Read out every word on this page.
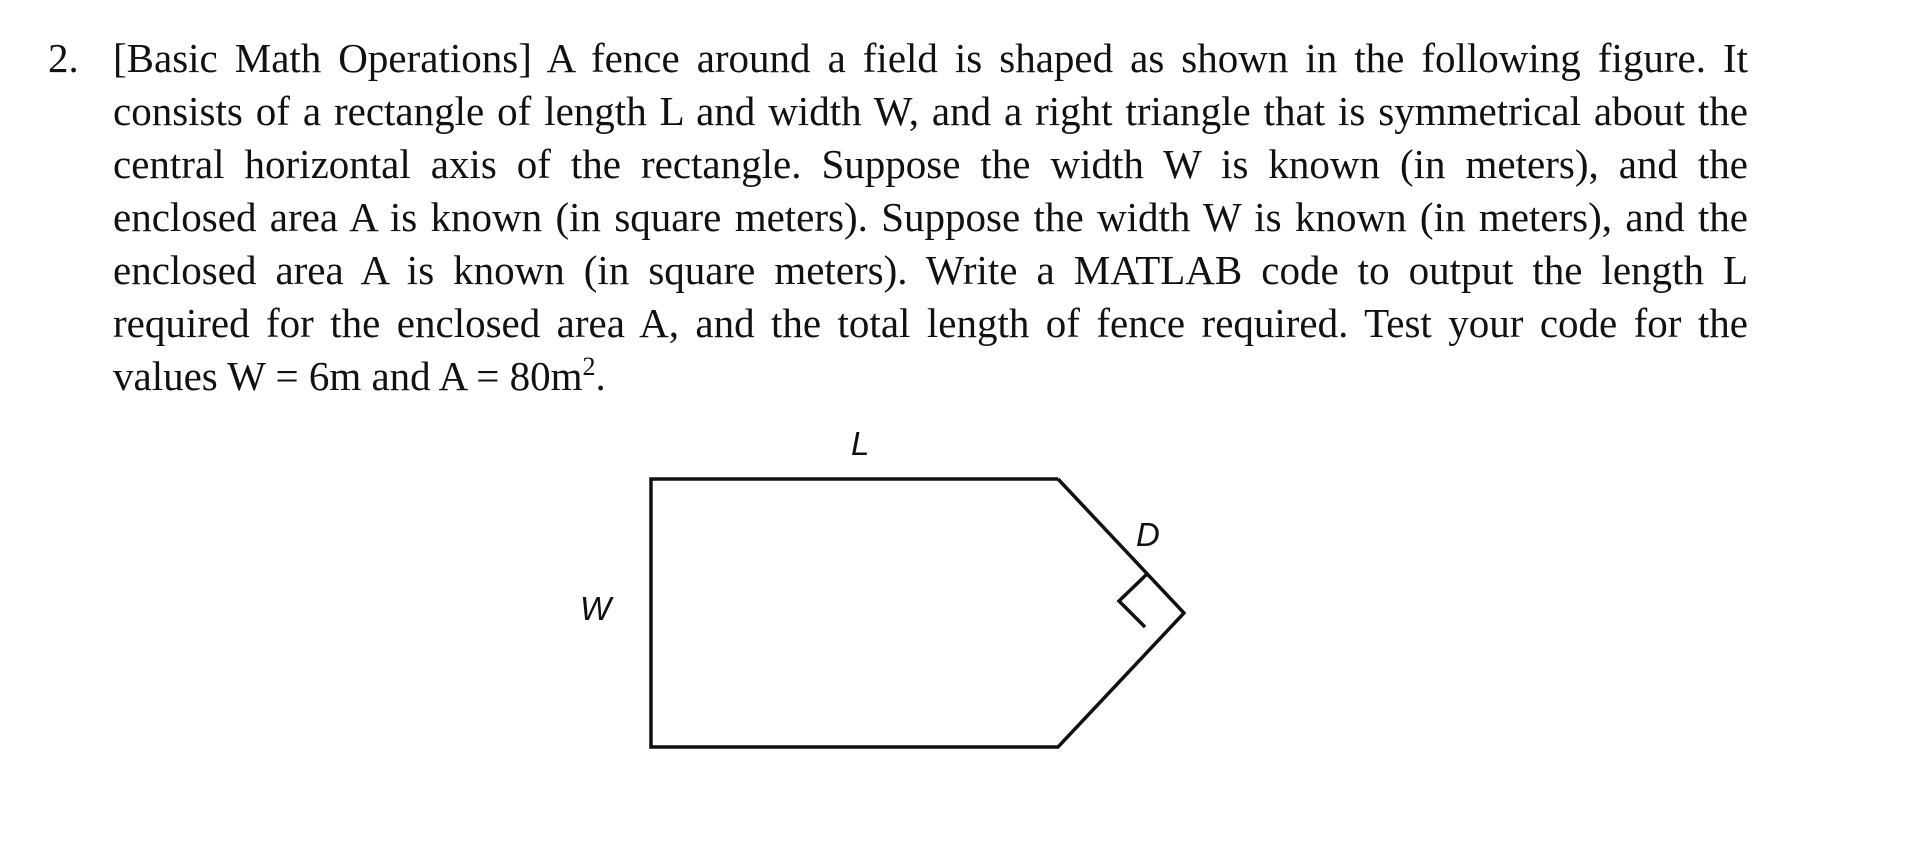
2. [Basic Math Operations] A fence around a field is shaped as shown in the following figure. It consists of a rectangle of length L and width W, and a right triangle that is symmetrical about the central horizontal axis of the rectangle. Suppose the width W is known (in meters), and the enclosed area A is known (in square meters). Suppose the width W is known (in meters), and the enclosed area A is known (in square meters). Write a MATLAB code to output the length L required for the enclosed area A, and the total length of fence required. Test your code for the values W = 6m and $A = 80m^2$.
L
W
D
